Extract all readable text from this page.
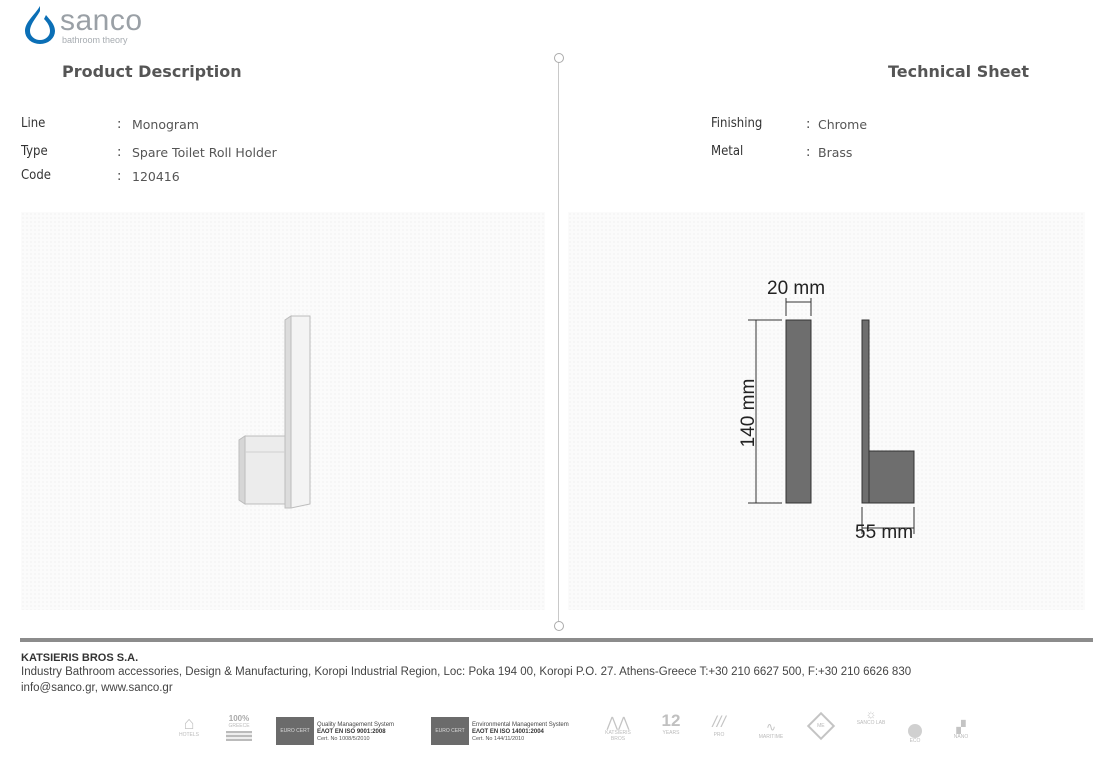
sanco
bathroom theory
Product Description	Technical Sheet
Line	: Monogram
Type	: Spare Toilet Roll Holder
Code	: 120416
Finishing	: Chrome
Metal	: Brass
20 mm
140 mm
55 mm
KATSIERIS BROS S.A.
Industry Bathroom accessories, Design & Manufacturing, Koropi Industrial Region, Loc: Poka 194 00, Koropi P.O. 27. Athens-Greece T:+30 210 6627 500, F:+30 210 6626 830
info@sanco.gr, www.sanco.gr
⌂
HOTELS
100%
GREECE
EURO CERT
Quality Management System
ΕΛΟΤ EN ISO 9001:2008
Cert. No 1008/5/2010
EURO CERT
Environmental Management System
ΕΛΟΤ EN ISO 14001:2004
Cert. No 144/11/2010
⋀⋀
KATSIERIS BROS
12
YEARS
///
PRO
∿
MARITIME
ME
☼
SANCO LAB
ECO
▞
NANO
